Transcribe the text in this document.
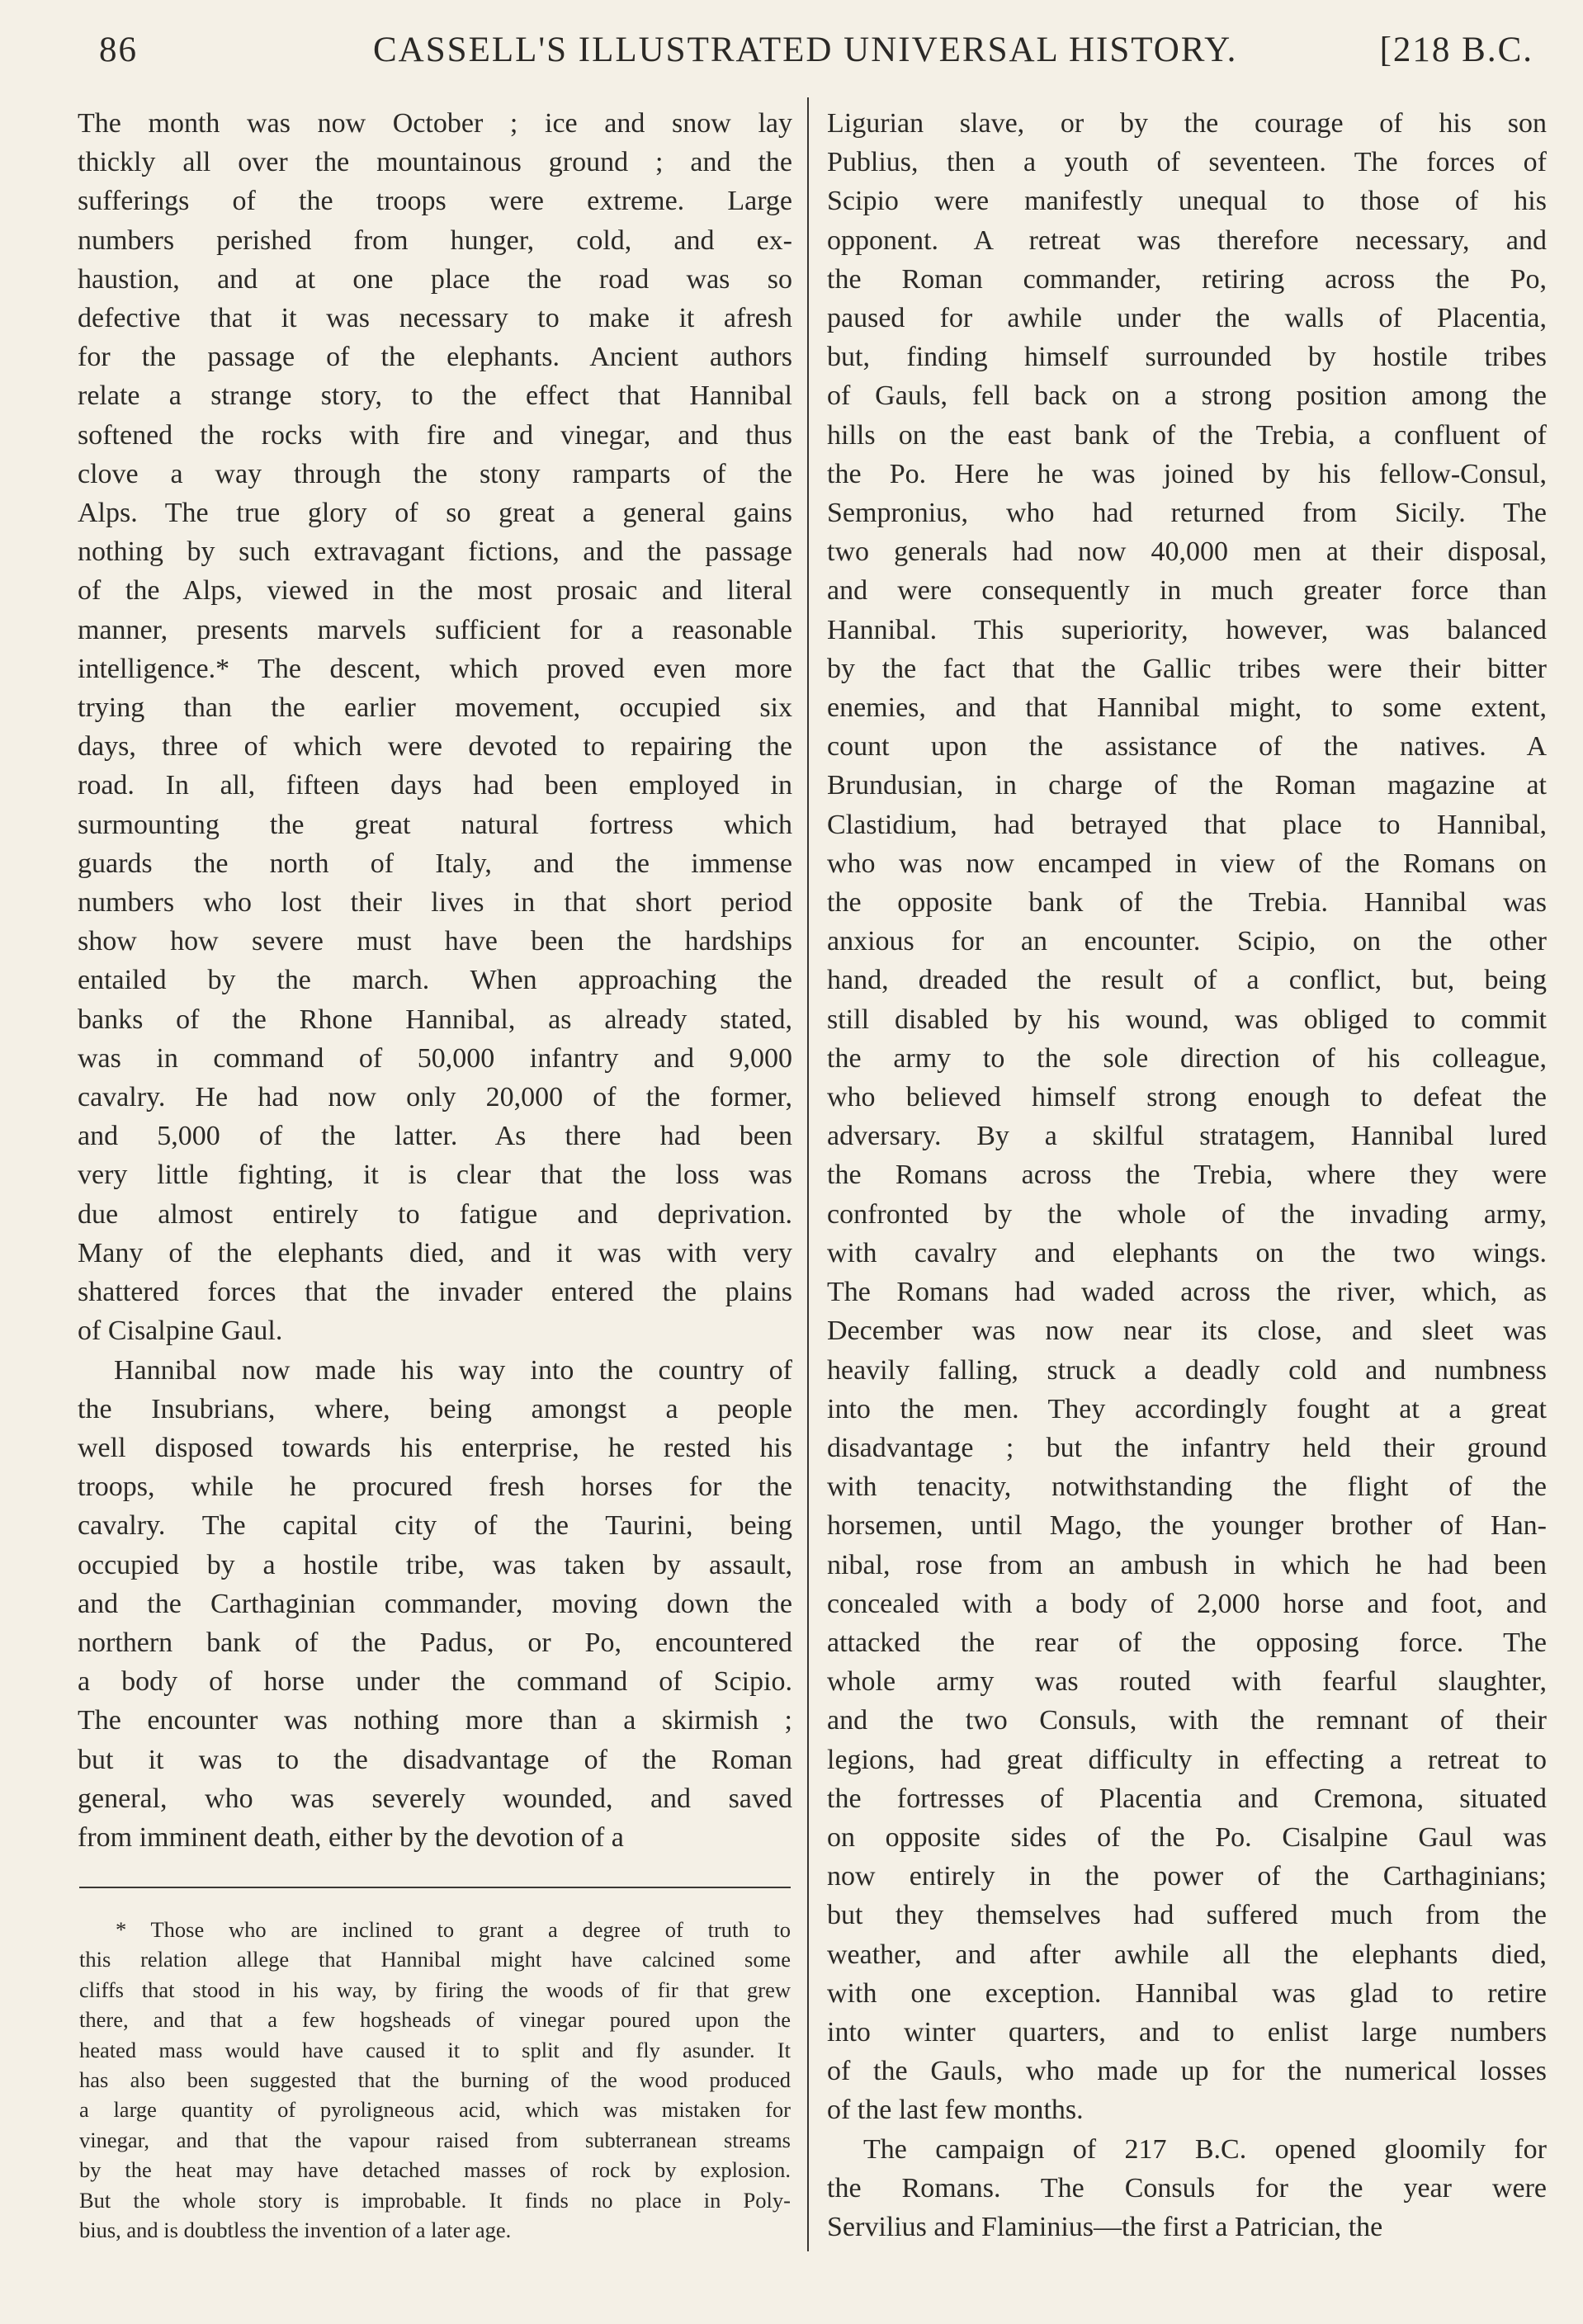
86	CASSELL'S ILLUSTRATED UNIVERSAL HISTORY.	[218 B.C.
The month was now October ; ice and snow lay
thickly all over the mountainous ground ; and the
sufferings of the troops were extreme. Large
numbers perished from hunger, cold, and ex-
haustion, and at one place the road was so
defective that it was necessary to make it afresh
for the passage of the elephants. Ancient authors
relate a strange story, to the effect that Hannibal
softened the rocks with fire and vinegar, and thus
clove a way through the stony ramparts of the
Alps. The true glory of so great a general gains
nothing by such extravagant fictions, and the passage
of the Alps, viewed in the most prosaic and literal
manner, presents marvels sufficient for a reasonable
intelligence.* The descent, which proved even more
trying than the earlier movement, occupied six
days, three of which were devoted to repairing the
road. In all, fifteen days had been employed in
surmounting the great natural fortress which
guards the north of Italy, and the immense
numbers who lost their lives in that short period
show how severe must have been the hardships
entailed by the march. When approaching the
banks of the Rhone Hannibal, as already stated,
was in command of 50,000 infantry and 9,000
cavalry. He had now only 20,000 of the former,
and 5,000 of the latter. As there had been
very little fighting, it is clear that the loss was
due almost entirely to fatigue and deprivation.
Many of the elephants died, and it was with very
shattered forces that the invader entered the plains
of Cisalpine Gaul.
Hannibal now made his way into the country of
the Insubrians, where, being amongst a people
well disposed towards his enterprise, he rested his
troops, while he procured fresh horses for the
cavalry. The capital city of the Taurini, being
occupied by a hostile tribe, was taken by assault,
and the Carthaginian commander, moving down the
northern bank of the Padus, or Po, encountered
a body of horse under the command of Scipio.
The encounter was nothing more than a skirmish ;
but it was to the disadvantage of the Roman
general, who was severely wounded, and saved
from imminent death, either by the devotion of a
Ligurian slave, or by the courage of his son
Publius, then a youth of seventeen. The forces of
Scipio were manifestly unequal to those of his
opponent. A retreat was therefore necessary, and
the Roman commander, retiring across the Po,
paused for awhile under the walls of Placentia,
but, finding himself surrounded by hostile tribes
of Gauls, fell back on a strong position among the
hills on the east bank of the Trebia, a confluent of
the Po. Here he was joined by his fellow-Consul,
Sempronius, who had returned from Sicily. The
two generals had now 40,000 men at their disposal,
and were consequently in much greater force than
Hannibal. This superiority, however, was balanced
by the fact that the Gallic tribes were their bitter
enemies, and that Hannibal might, to some extent,
count upon the assistance of the natives. A
Brundusian, in charge of the Roman magazine at
Clastidium, had betrayed that place to Hannibal,
who was now encamped in view of the Romans on
the opposite bank of the Trebia. Hannibal was
anxious for an encounter. Scipio, on the other
hand, dreaded the result of a conflict, but, being
still disabled by his wound, was obliged to commit
the army to the sole direction of his colleague,
who believed himself strong enough to defeat the
adversary. By a skilful stratagem, Hannibal lured
the Romans across the Trebia, where they were
confronted by the whole of the invading army,
with cavalry and elephants on the two wings.
The Romans had waded across the river, which, as
December was now near its close, and sleet was
heavily falling, struck a deadly cold and numbness
into the men. They accordingly fought at a great
disadvantage ; but the infantry held their ground
with tenacity, notwithstanding the flight of the
horsemen, until Mago, the younger brother of Han-
nibal, rose from an ambush in which he had been
concealed with a body of 2,000 horse and foot, and
attacked the rear of the opposing force. The
whole army was routed with fearful slaughter,
and the two Consuls, with the remnant of their
legions, had great difficulty in effecting a retreat to
the fortresses of Placentia and Cremona, situated
on opposite sides of the Po. Cisalpine Gaul was
now entirely in the power of the Carthaginians;
but they themselves had suffered much from the
weather, and after awhile all the elephants died,
with one exception. Hannibal was glad to retire
into winter quarters, and to enlist large numbers
of the Gauls, who made up for the numerical losses
of the last few months.
The campaign of 217 B.C. opened gloomily for
the Romans. The Consuls for the year were
Servilius and Flaminius—the first a Patrician, the
* Those who are inclined to grant a degree of truth to
this relation allege that Hannibal might have calcined some
cliffs that stood in his way, by firing the woods of fir that grew
there, and that a few hogsheads of vinegar poured upon the
heated mass would have caused it to split and fly asunder. It
has also been suggested that the burning of the wood produced
a large quantity of pyroligneous acid, which was mistaken for
vinegar, and that the vapour raised from subterranean streams
by the heat may have detached masses of rock by explosion.
But the whole story is improbable. It finds no place in Poly-
bius, and is doubtless the invention of a later age.
